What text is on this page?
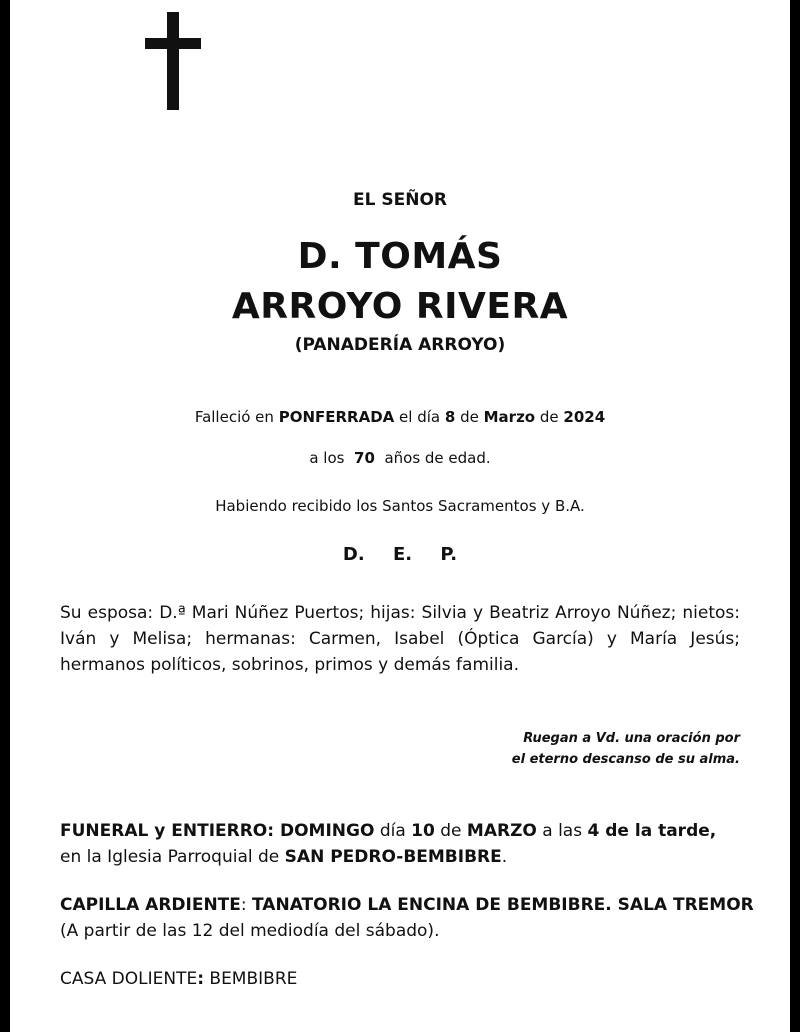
EL SEÑOR
D. TOMÁS
ARROYO RIVERA
(PANADERÍA ARROYO)
Falleció en PONFERRADA el día 8 de Marzo de 2024
a los 70 años de edad.
Habiendo recibido los Santos Sacramentos y B.A.
D. E. P.
Su esposa: D.ª Mari Núñez Puertos; hijas: Silvia y Beatriz Arroyo Núñez; nietos: Iván y Melisa; hermanas: Carmen, Isabel (Óptica García) y María Jesús; hermanos políticos, sobrinos, primos y demás familia.
Ruegan a Vd. una oración por
el eterno descanso de su alma.
FUNERAL y ENTIERRO: DOMINGO día 10 de MARZO a las 4 de la tarde,
en la Iglesia Parroquial de SAN PEDRO-BEMBIBRE.
CAPILLA ARDIENTE: TANATORIO LA ENCINA DE BEMBIBRE. SALA TREMOR
(A partir de las 12 del mediodía del sábado).
CASA DOLIENTE: BEMBIBRE
